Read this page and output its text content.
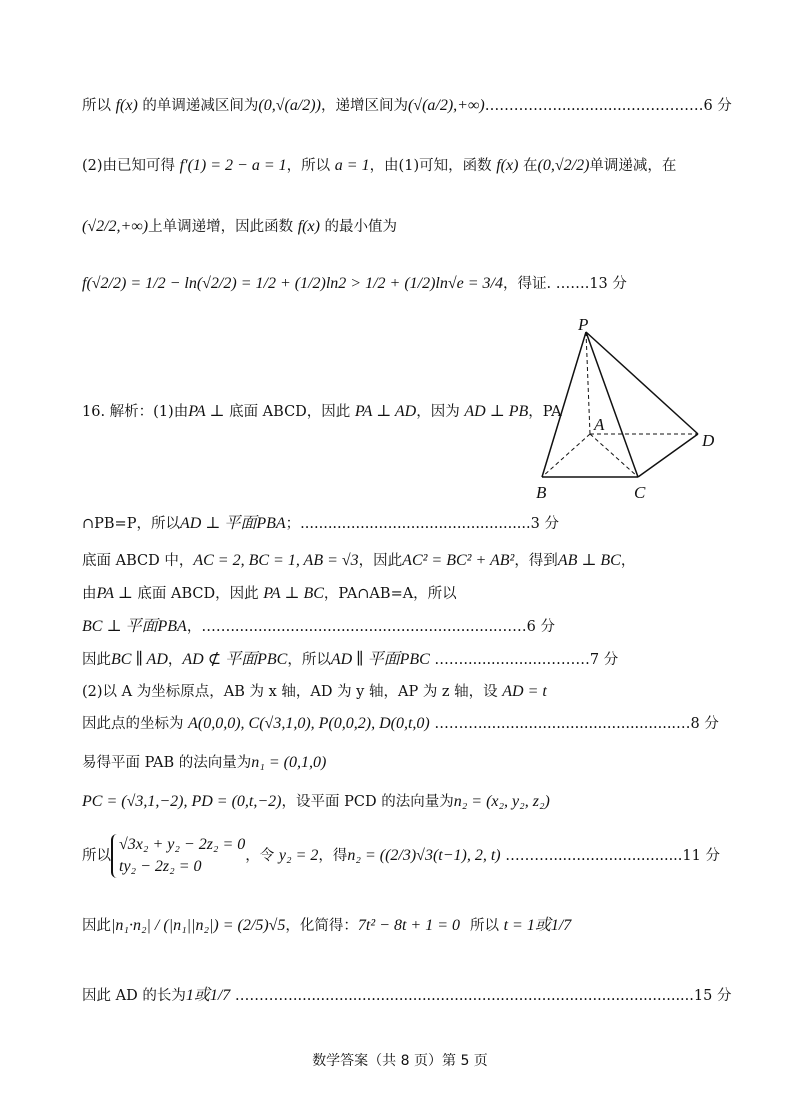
所以 f(x) 的单调递减区间为(0,√(a/2))，递增区间为(√(a/2),+∞)……………................……………6 分
(2)由已知可得 f′(1) = 2 − a = 1，所以 a = 1，由(1)可知，函数 f(x) 在(0,√2/2)单调递减，在
(√2/2,+∞)上单调递增，因此函数 f(x) 的最小值为
f(√2/2) = 1/2 − ln(√2/2) = 1/2 + (1/2)ln2 > 1/2 + (1/2)ln√e = 3/4，得证. …….13 分
P
A
D
B	C
16. 解析：(1)由PA ⊥ 底面 ABCD，因此 PA ⊥ AD，因为 AD ⊥ PB，PA
∩PB=P，所以AD ⊥ 平面PBA；..................................................3 分
底面 ABCD 中，AC = 2, BC = 1, AB = √3，因此AC² = BC² + AB²，得到AB ⊥ BC，
由PA ⊥ 底面 ABCD，因此 PA ⊥ BC，PA∩AB=A，所以
BC ⊥ 平面PBA，……..........................................................……6 分
因此BC ∥ AD，AD ⊄ 平面PBC，所以AD ∥ 平面PBC ……..................………7 分
(2)以 A 为坐标原点，AB 为 x 轴，AD 为 y 轴，AP 为 z 轴，设 AD = t
因此点的坐标为 A(0,0,0), C(√3,1,0), P(0,0,2), D(0,t,0) ………...........................................…8 分
易得平面 PAB 的法向量为n₁ = (0,1,0)
PC = (√3,1,−2), PD = (0,t,−2)，设平面 PCD 的法向量为n₂ = (x₂, y₂, z₂)
所以
√3x₂ + y₂ − 2z₂ = 0
ty₂ − 2z₂ = 0
，令 y₂ = 2，得n₂ = ((2/3)√3(t−1), 2, t) ……….............................11 分
因此|n₁·n₂| / (|n₁||n₂|) = (2/5)√5，化简得：7t² − 8t + 1 = 0 所以 t = 1或1/7
因此 AD 的长为1或1/7 ………….......................................................................................15 分
数学答案（共 8 页）第 5 页
